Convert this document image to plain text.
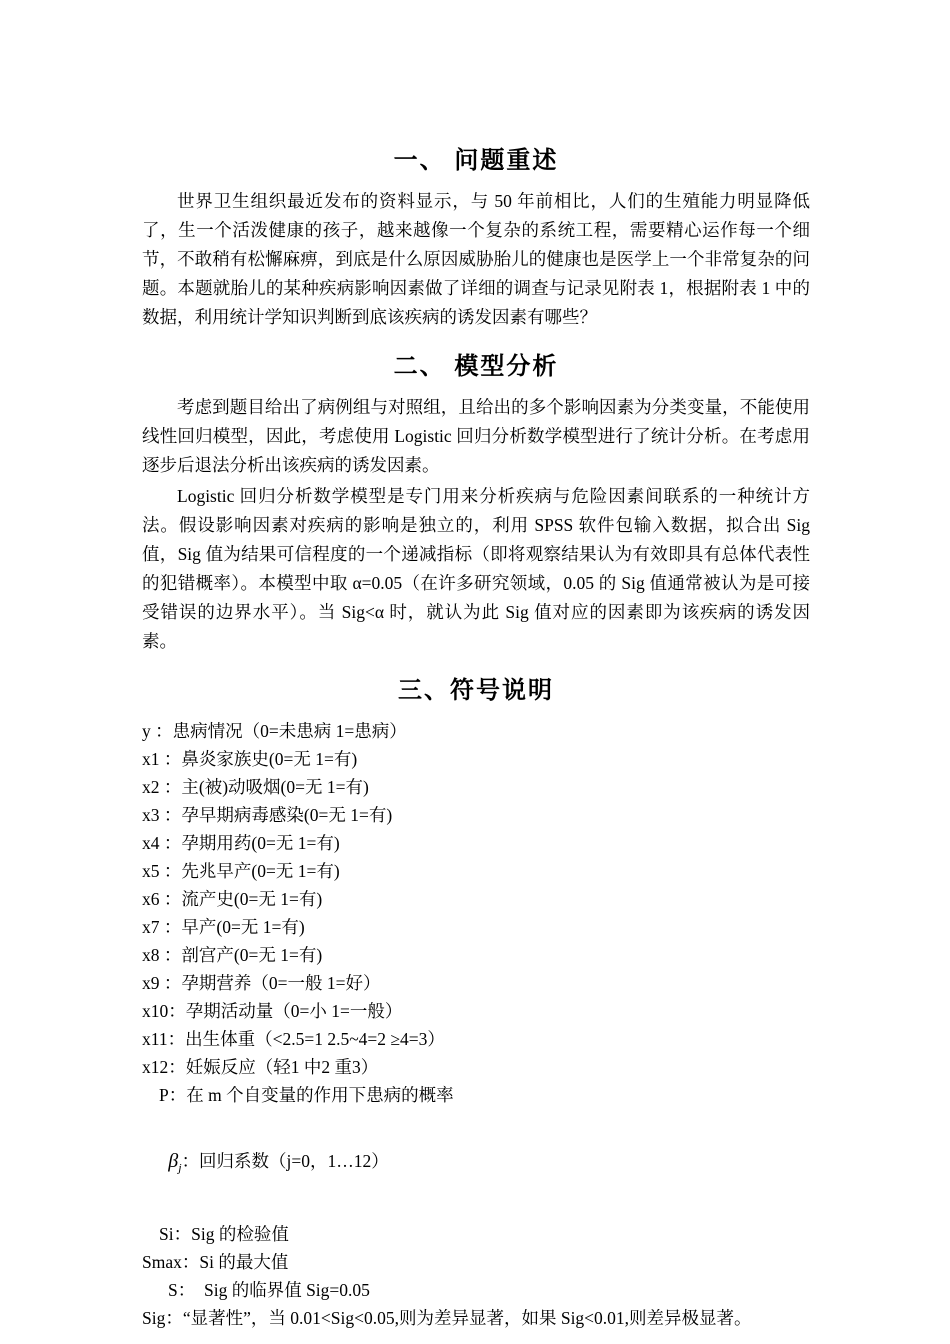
一、 问题重述

世界卫生组织最近发布的资料显示，与 50 年前相比，人们的生殖能力明显降低了，生一个活泼健康的孩子，越来越像一个复杂的系统工程，需要精心运作每一个细节，不敢稍有松懈麻痹，到底是什么原因威胁胎儿的健康也是医学上一个非常复杂的问题。本题就胎儿的某种疾病影响因素做了详细的调查与记录见附表 1，根据附表 1 中的数据，利用统计学知识判断到底该疾病的诱发因素有哪些？

二、 模型分析

考虑到题目给出了病例组与对照组，且给出的多个影响因素为分类变量，不能使用线性回归模型，因此，考虑使用 Logistic 回归分析数学模型进行了统计分析。在考虑用逐步后退法分析出该疾病的诱发因素。

Logistic 回归分析数学模型是专门用来分析疾病与危险因素间联系的一种统计方法。假设影响因素对疾病的影响是独立的，利用 SPSS 软件包输入数据，拟合出 Sig 值，Sig 值为结果可信程度的一个递减指标（即将观察结果认为有效即具有总体代表性的犯错概率）。本模型中取 α=0.05（在许多研究领域，0.05 的 Sig 值通常被认为是可接受错误的边界水平）。当 Sig<α 时，就认为此 Sig 值对应的因素即为该疾病的诱发因素。

三、符号说明
y ：患病情况（0=未患病 1=患病）
x1 ：鼻炎家族史(0=无 1=有)
x2 ：主(被)动吸烟(0=无 1=有)
x3 ：孕早期病毒感染(0=无 1=有)
x4 ：孕期用药(0=无 1=有)
x5 ：先兆早产(0=无 1=有)
x6 ：流产史(0=无 1=有)
x7 ：早产(0=无 1=有)
x8 ：剖宫产(0=无 1=有)
x9 ：孕期营养（0=一般 1=好）
x10：孕期活动量（0=小 1=一般）
x11：出生体重（<2.5=1 2.5~4=2 ≥4=3）
x12：妊娠反应（轻1 中2 重3）
P：在 m 个自变量的作用下患病的概率

$\beta_j$：回归系数（j=0，1…12）

Si：Sig 的检验值
Smax：Si 的最大值
S：  Sig 的临界值 Sig=0.05
Sig：“显著性”，当 0.01<Sig<0.05,则为差异显著，如果 Sig<0.01,则差异极显著。
